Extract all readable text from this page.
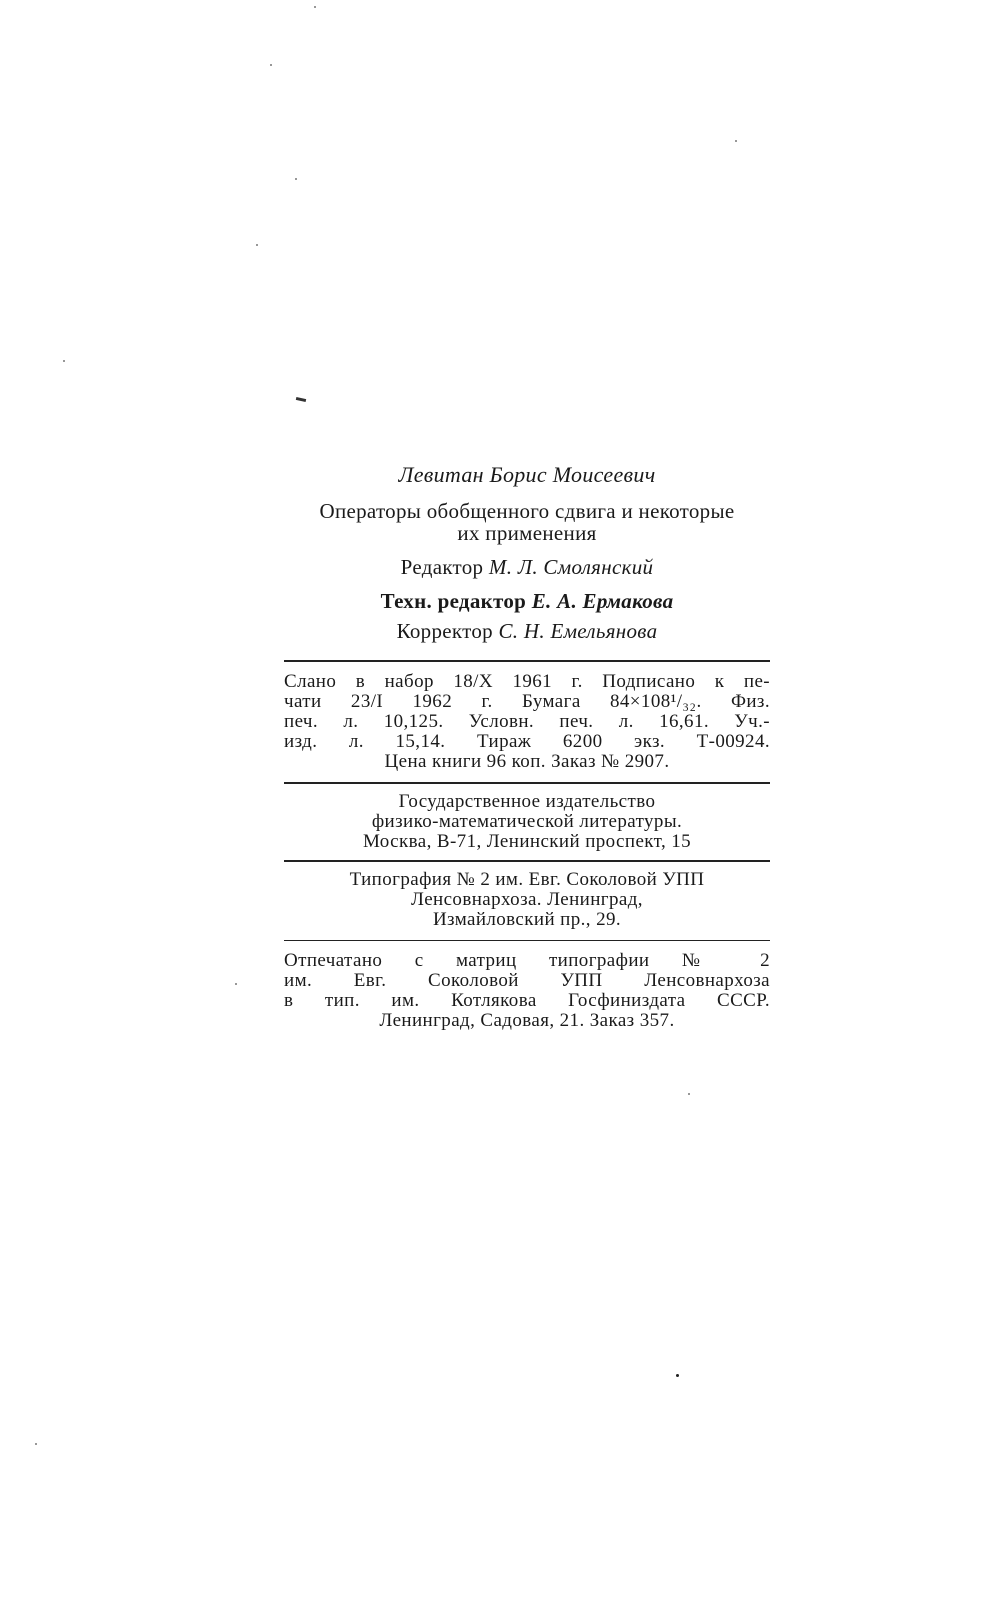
Левитан Борис Моисеевич

Операторы обобщенного сдвига и некоторые

их применения

Редактор М. Л. Смолянский

Техн. редактор Е. А. Ермакова

Корректор С. Н. Емельянова

Слано в набор 18/X 1961 г. Подписано к пе-

чати 23/I 1962 г. Бумага 84×108¹/₃₂. Физ.

печ. л. 10,125. Условн. печ. л. 16,61. Уч.-

изд. л. 15,14. Тираж 6200 экз. Т-00924.

Цена книги 96 коп. Заказ № 2907.

Государственное издательство

физико-математической литературы.

Москва, В-71, Ленинский проспект, 15

Типография № 2 им. Евг. Соколовой УПП

Ленсовнархоза. Ленинград,

Измайловский пр., 29.

Отпечатано с матриц типографии № 2

им. Евг. Соколовой УПП Ленсовнархоза

в тип. им. Котлякова Госфиниздата СССР.

Ленинград, Садовая, 21. Заказ 357.
